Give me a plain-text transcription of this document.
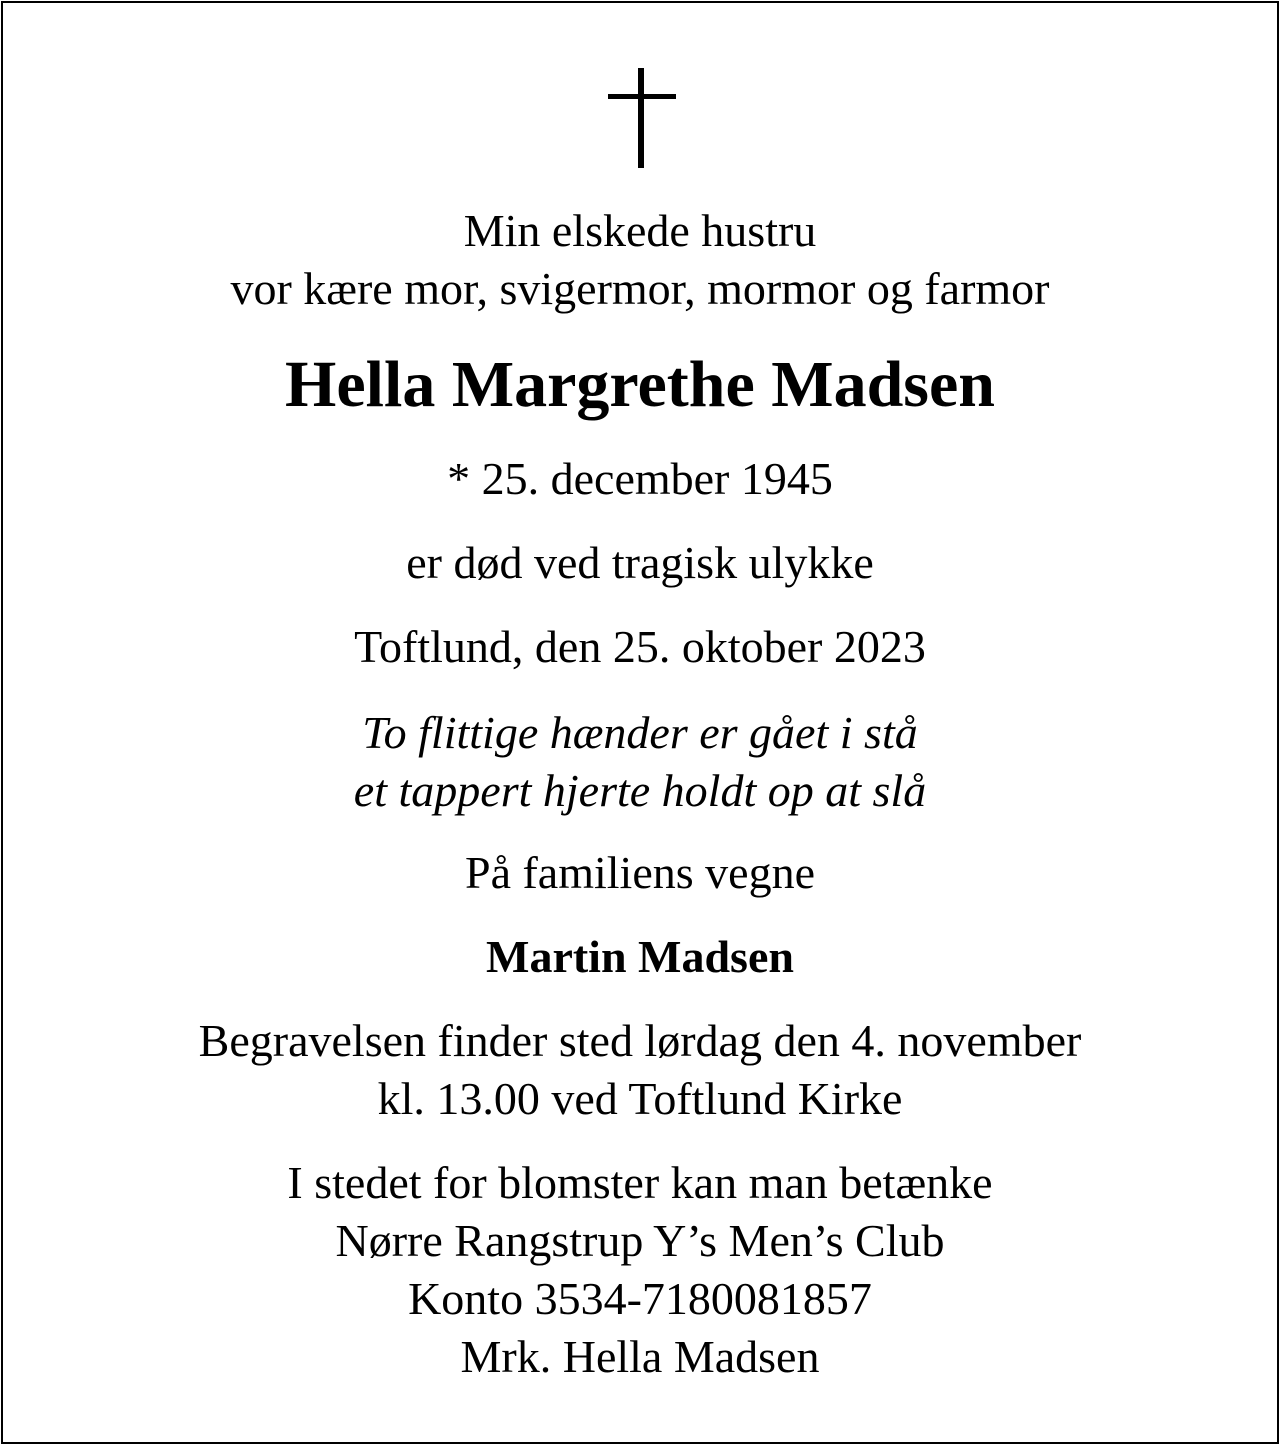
Min elskede hustru
vor kære mor, svigermor, mormor og farmor
Hella Margrethe Madsen
* 25. december 1945
er død ved tragisk ulykke
Toftlund, den 25. oktober 2023
To flittige hænder er gået i stå
et tappert hjerte holdt op at slå
På familiens vegne
Martin Madsen
Begravelsen finder sted lørdag den 4. november
kl. 13.00 ved Toftlund Kirke
I stedet for blomster kan man betænke
Nørre Rangstrup Y’s Men’s Club
Konto 3534-7180081857
Mrk. Hella Madsen
